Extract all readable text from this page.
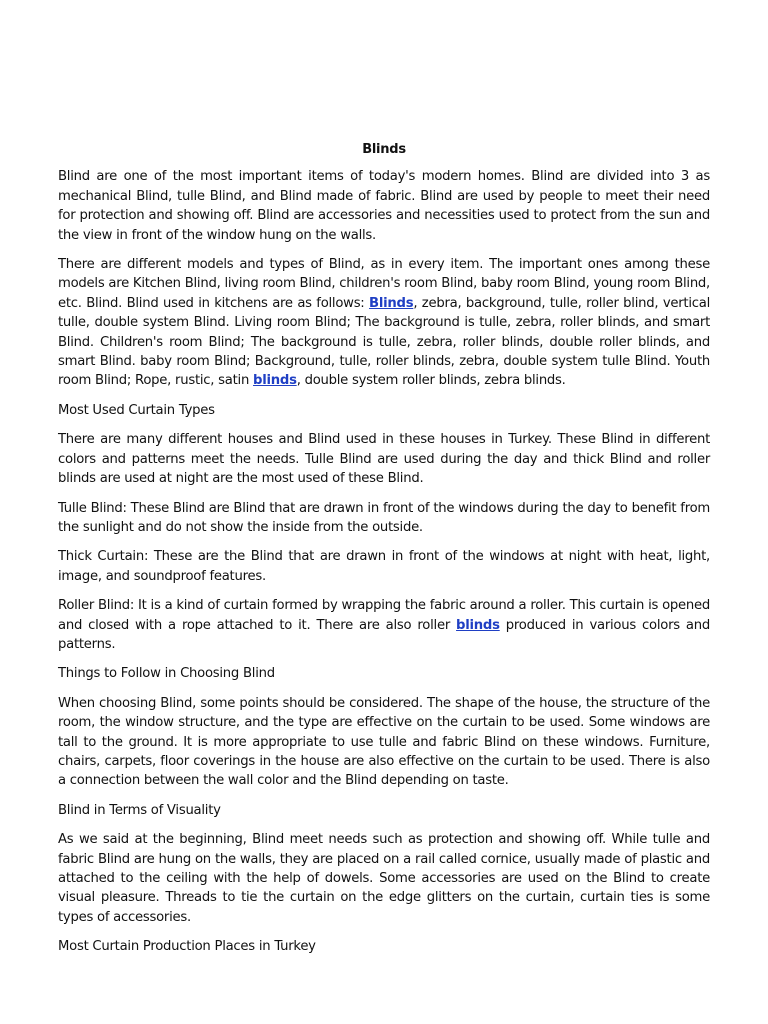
Blinds

Blind are one of the most important items of today's modern homes. Blind are divided into 3 as mechanical Blind, tulle Blind, and Blind made of fabric. Blind are used by people to meet their need for protection and showing off. Blind are accessories and necessities used to protect from the sun and the view in front of the window hung on the walls.

There are different models and types of Blind, as in every item. The important ones among these models are Kitchen Blind, living room Blind, children's room Blind, baby room Blind, young room Blind, etc. Blind. Blind used in kitchens are as follows: Blinds, zebra, background, tulle, roller blind, vertical tulle, double system Blind. Living room Blind; The background is tulle, zebra, roller blinds, and smart Blind. Children's room Blind; The background is tulle, zebra, roller blinds, double roller blinds, and smart Blind. baby room Blind; Background, tulle, roller blinds, zebra, double system tulle Blind. Youth room Blind; Rope, rustic, satin blinds, double system roller blinds, zebra blinds.

Most Used Curtain Types

There are many different houses and Blind used in these houses in Turkey. These Blind in different colors and patterns meet the needs. Tulle Blind are used during the day and thick Blind and roller blinds are used at night are the most used of these Blind.

Tulle Blind: These Blind are Blind that are drawn in front of the windows during the day to benefit from the sunlight and do not show the inside from the outside.

Thick Curtain: These are the Blind that are drawn in front of the windows at night with heat, light, image, and soundproof features.

Roller Blind: It is a kind of curtain formed by wrapping the fabric around a roller. This curtain is opened and closed with a rope attached to it. There are also roller blinds produced in various colors and patterns.

Things to Follow in Choosing Blind

When choosing Blind, some points should be considered. The shape of the house, the structure of the room, the window structure, and the type are effective on the curtain to be used. Some windows are tall to the ground. It is more appropriate to use tulle and fabric Blind on these windows. Furniture, chairs, carpets, floor coverings in the house are also effective on the curtain to be used. There is also a connection between the wall color and the Blind depending on taste.

Blind in Terms of Visuality

As we said at the beginning, Blind meet needs such as protection and showing off. While tulle and fabric Blind are hung on the walls, they are placed on a rail called cornice, usually made of plastic and attached to the ceiling with the help of dowels. Some accessories are used on the Blind to create visual pleasure. Threads to tie the curtain on the edge glitters on the curtain, curtain ties is some types of accessories.

Most Curtain Production Places in Turkey
